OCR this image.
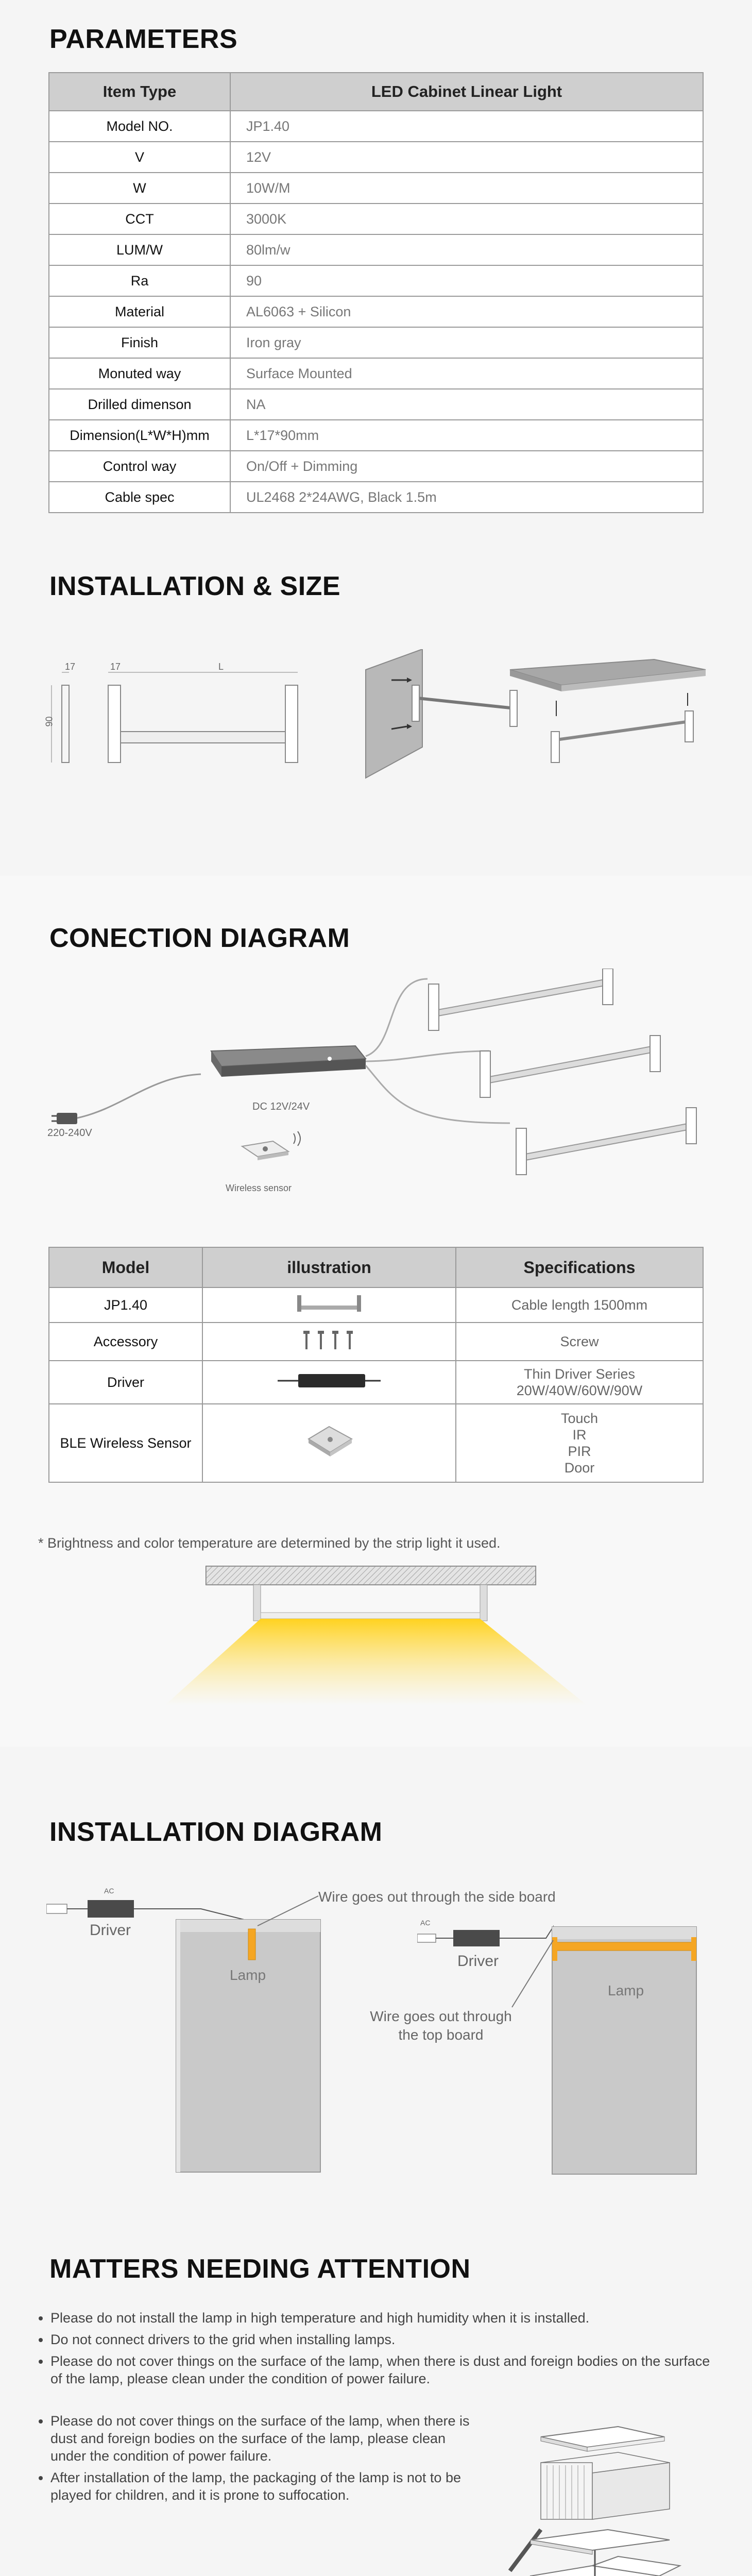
PARAMETERS
Item Type	LED Cabinet Linear Light
Model NO.	JP1.40
V	12V
W	10W/M
CCT	3000K
LUM/W	80lm/w
Ra	90
Material	AL6063 + Silicon
Finish	Iron gray
Monuted way	Surface Mounted
Drilled dimenson	NA
Dimension(L*W*H)mm	L*17*90mm
Control way	On/Off + Dimming
Cable spec	UL2468 2*24AWG, Black 1.5m
INSTALLATION & SIZE
17	17	L
90
CONECTION DIAGRAM
220-240V
DC 12V/24V
Wireless sensor
Model	illustration	Specifications
JP1.40		Cable length 1500mm
Accessory		Screw
Driver		Thin Driver Series
20W/40W/60W/90W

BLE Wireless Sensor		Touch
IR
PIR
Door
* Brightness and color temperature are determined by the strip light it used.
INSTALLATION DIAGRAM
AC
Driver
Lamp
Wire goes out through the side board
AC
Driver
Lamp
Wire goes out through
the top board
MATTERS NEEDING ATTENTION
• Please do not install the lamp in high temperature and high humidity when it is installed.
• Do not connect drivers to the grid when installing lamps.
• Please do not cover things on the surface of the lamp, when there is dust and foreign bodies on the surface of the lamp, please clean under the condition of power failure.
• Please do not cover things on the surface of the lamp, when there is dust and foreign bodies on the surface of the lamp, please clean under the condition of power failure.
• After installation of the lamp, the packaging of the lamp is not to be played for children, and it is prone to suffocation.
